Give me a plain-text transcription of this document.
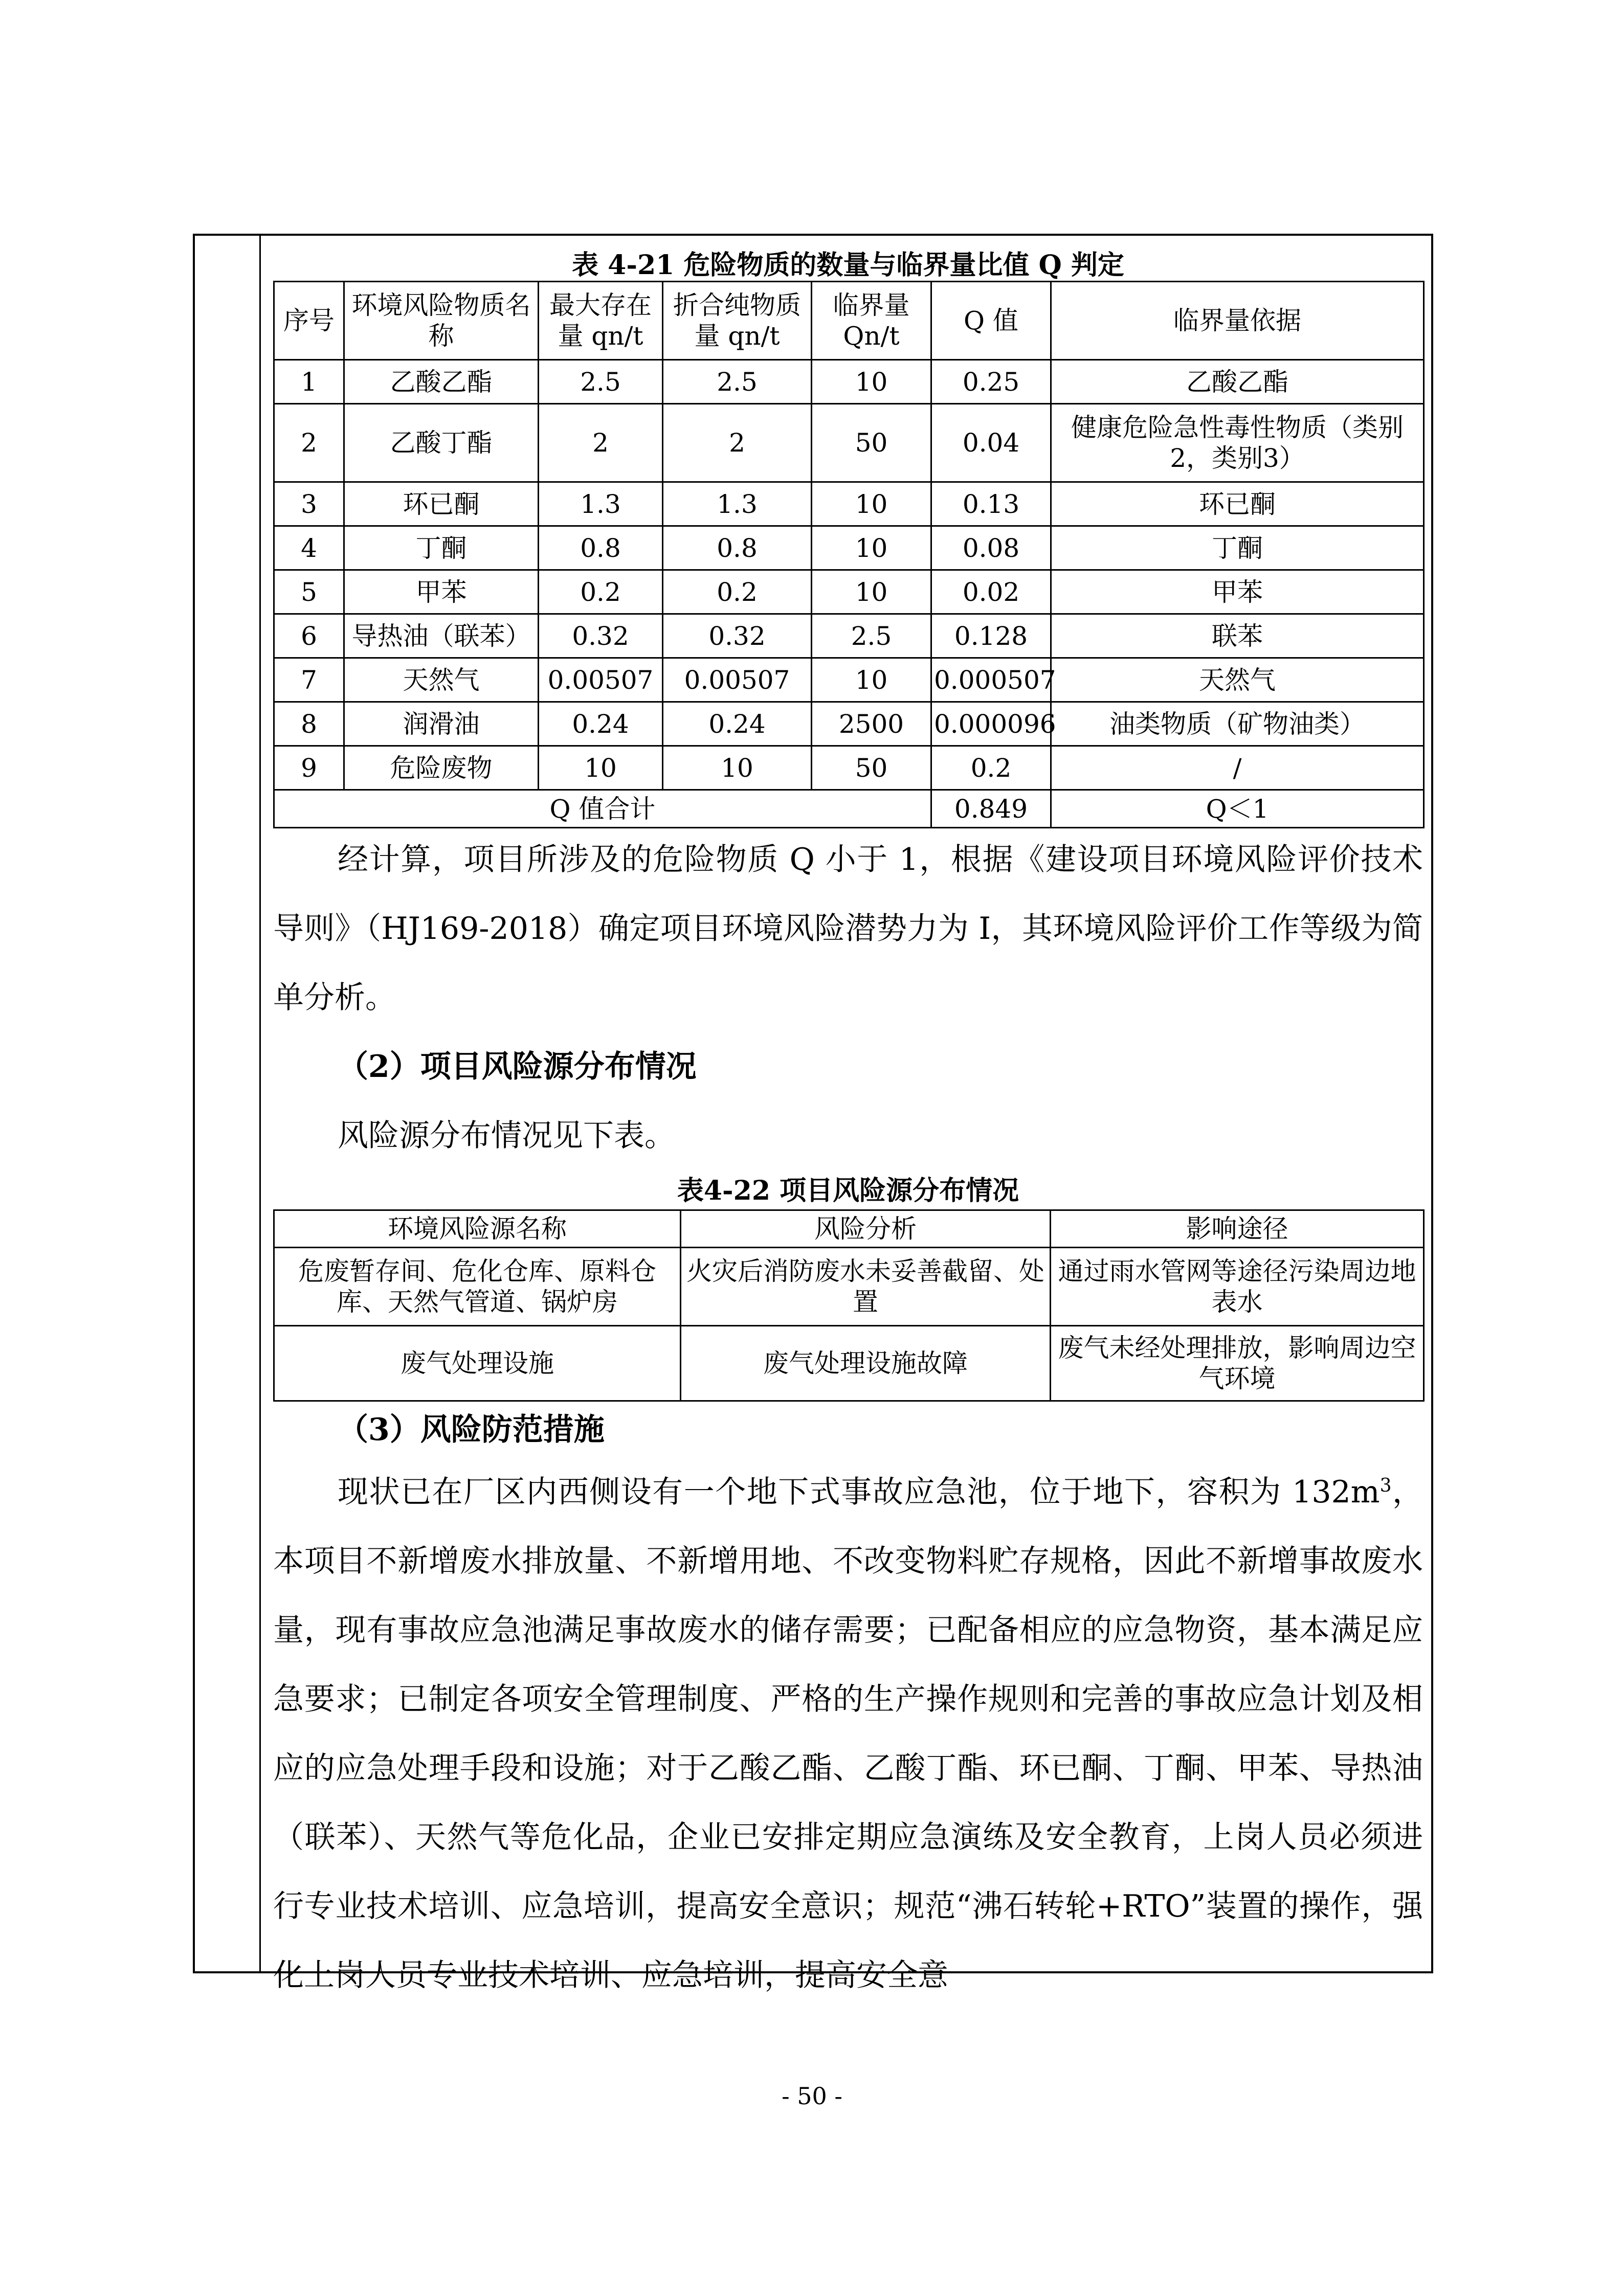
表 4-21 危险物质的数量与临界量比值 Q 判定
序号	环境风险物质名称	最大存在量 qn/t	折合纯物质量 qn/t	临界量 Qn/t	Q 值	临界量依据
1	乙酸乙酯	2.5	2.5	10	0.25	乙酸乙酯
2	乙酸丁酯	2	2	50	0.04	健康危险急性毒性物质（类别2，类别3）
3	环已酮	1.3	1.3	10	0.13	环已酮
4	丁酮	0.8	0.8	10	0.08	丁酮
5	甲苯	0.2	0.2	10	0.02	甲苯
6	导热油（联苯）	0.32	0.32	2.5	0.128	联苯
7	天然气	0.00507	0.00507	10	0.000507	天然气
8	润滑油	0.24	0.24	2500	0.000096	油类物质（矿物油类）
9	危险废物	10	10	50	0.2	/
Q 值合计					0.849	Q＜1

经计算，项目所涉及的危险物质 Q 小于 1，根据《建设项目环境风险评价技术导则》（HJ169-2018）确定项目环境风险潜势力为 I，其环境风险评价工作等级为简单分析。

（2）项目风险源分布情况

风险源分布情况见下表。

表4-22 项目风险源分布情况
环境风险源名称	风险分析	影响途径
危废暂存间、危化仓库、原料仓库、天然气管道、锅炉房	火灾后消防废水未妥善截留、处置	通过雨水管网等途径污染周边地表水
废气处理设施	废气处理设施故障	废气未经处理排放，影响周边空气环境

（3）风险防范措施

现状已在厂区内西侧设有一个地下式事故应急池，位于地下，容积为 $132m^3$，本项目不新增废水排放量、不新增用地、不改变物料贮存规格，因此不新增事故废水量，现有事故应急池满足事故废水的储存需要；已配备相应的应急物资，基本满足应急要求；已制定各项安全管理制度、严格的生产操作规则和完善的事故应急计划及相应的应急处理手段和设施；对于乙酸乙酯、乙酸丁酯、环已酮、丁酮、甲苯、导热油（联苯）、天然气等危化品，企业已安排定期应急演练及安全教育，上岗人员必须进行专业技术培训、应急培训，提高安全意识；规范“沸石转轮+RTO”装置的操作，强化上岗人员专业技术培训、应急培训，提高安全意

- 50 -
